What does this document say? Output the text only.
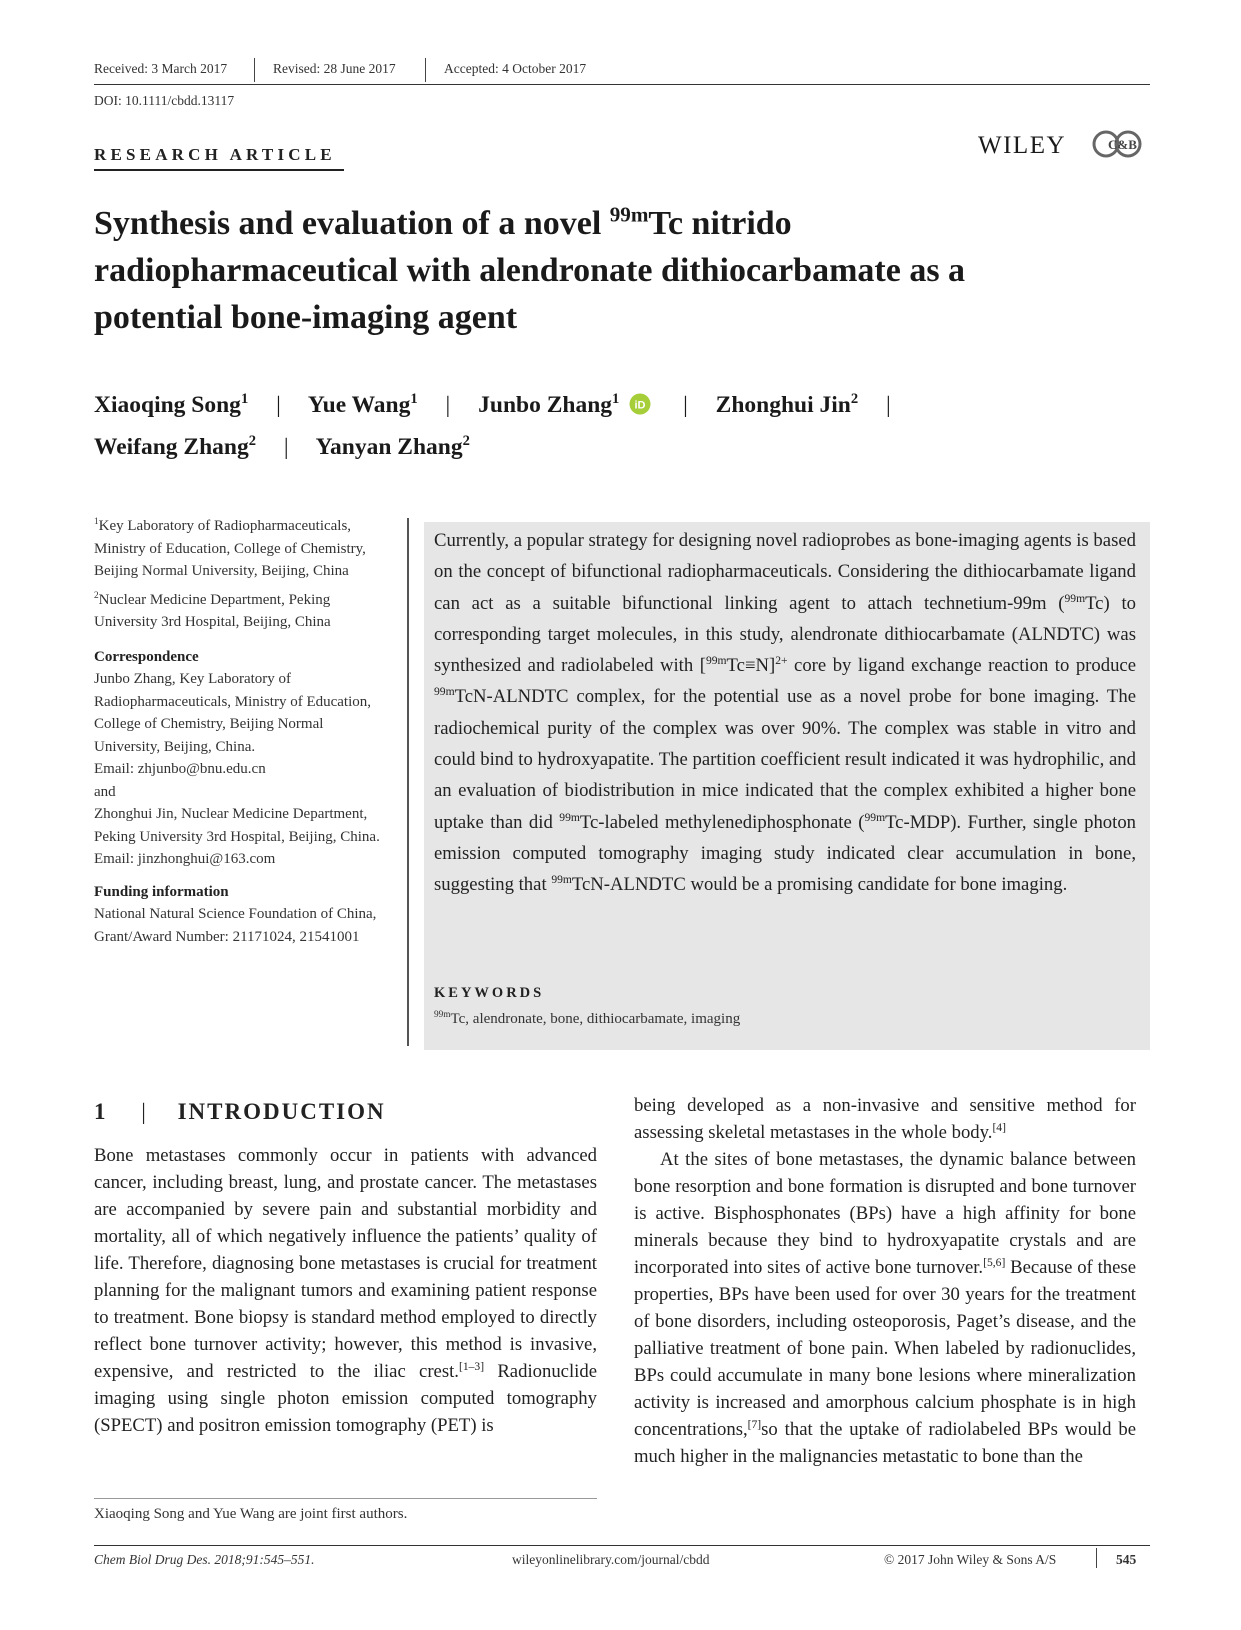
Received: 3 March 2017	Revised: 28 June 2017	Accepted: 4 October 2017
DOI: 10.1111/cbdd.13117
RESEARCH ARTICLE	WILEY	C&B
Synthesis and evaluation of a novel $^{99m}$Tc nitrido
radiopharmaceutical with alendronate dithiocarbamate as a
potential bone-imaging agent
Xiaoqing Song$^1$ | Yue Wang$^1$ | Junbo Zhang$^1$ iD | Zhonghui Jin$^2$ |
Weifang Zhang$^2$ | Yanyan Zhang$^2$
$^1$Key Laboratory of Radiopharmaceuticals, Ministry of Education, College of Chemistry, Beijing Normal University, Beijing, China
$^2$Nuclear Medicine Department, Peking University 3rd Hospital, Beijing, China
Correspondence
Junbo Zhang, Key Laboratory of Radiopharmaceuticals, Ministry of Education, College of Chemistry, Beijing Normal University, Beijing, China.
Email: zhjunbo@bnu.edu.cn
and
Zhonghui Jin, Nuclear Medicine Department, Peking University 3rd Hospital, Beijing, China.
Email: jinzhonghui@163.com
Funding information
National Natural Science Foundation of China, Grant/Award Number: 21171024, 21541001
Currently, a popular strategy for designing novel radioprobes as bone-imaging agents is based on the concept of bifunctional radiopharmaceuticals. Considering the dithiocarbamate ligand can act as a suitable bifunctional linking agent to attach technetium-99m ($^{99m}$Tc) to corresponding target molecules, in this study, alendronate dithiocarbamate (ALNDTC) was synthesized and radiolabeled with $[^{99m}Tc\equiv N]^{2+}$ core by ligand exchange reaction to produce $^{99m}$TcN-ALNDTC complex, for the potential use as a novel probe for bone imaging. The radiochemical purity of the complex was over 90%. The complex was stable in vitro and could bind to hydroxyapatite. The partition coefficient result indicated it was hydrophilic, and an evaluation of biodistribution in mice indicated that the complex exhibited a higher bone uptake than did $^{99m}$Tc-labeled methylenediphosphonate ($^{99m}$Tc-MDP). Further, single photon emission computed tomography imaging study indicated clear accumulation in bone, suggesting that $^{99m}$TcN-ALNDTC would be a promising candidate for bone imaging.
KEYWORDS
$^{99m}$Tc, alendronate, bone, dithiocarbamate, imaging
1 | INTRODUCTION

Bone metastases commonly occur in patients with advanced cancer, including breast, lung, and prostate cancer. The metastases are accompanied by severe pain and substantial morbidity and mortality, all of which negatively influence the patients’ quality of life. Therefore, diagnosing bone metastases is crucial for treatment planning for the malignant tumors and examining patient response to treatment. Bone biopsy is standard method employed to directly reflect bone turnover activity; however, this method is invasive, expensive, and restricted to the iliac crest.[1–3] Radionuclide imaging using single photon emission computed tomography (SPECT) and positron emission tomography (PET) is

being developed as a non-invasive and sensitive method for assessing skeletal metastases in the whole body.[4]

At the sites of bone metastases, the dynamic balance between bone resorption and bone formation is disrupted and bone turnover is active. Bisphosphonates (BPs) have a high affinity for bone minerals because they bind to hydroxyapatite crystals and are incorporated into sites of active bone turnover.[5,6] Because of these properties, BPs have been used for over 30 years for the treatment of bone disorders, including osteoporosis, Paget’s disease, and the palliative treatment of bone pain. When labeled by radionuclides, BPs could accumulate in many bone lesions where mineralization activity is increased and amorphous calcium phosphate is in high concentrations,[7]so that the uptake of radiolabeled BPs would be much higher in the malignancies metastatic to bone than the

Xiaoqing Song and Yue Wang are joint first authors.
Chem Biol Drug Des. 2018;91:545–551.	wileyonlinelibrary.com/journal/cbdd	© 2017 John Wiley & Sons A/S	545
